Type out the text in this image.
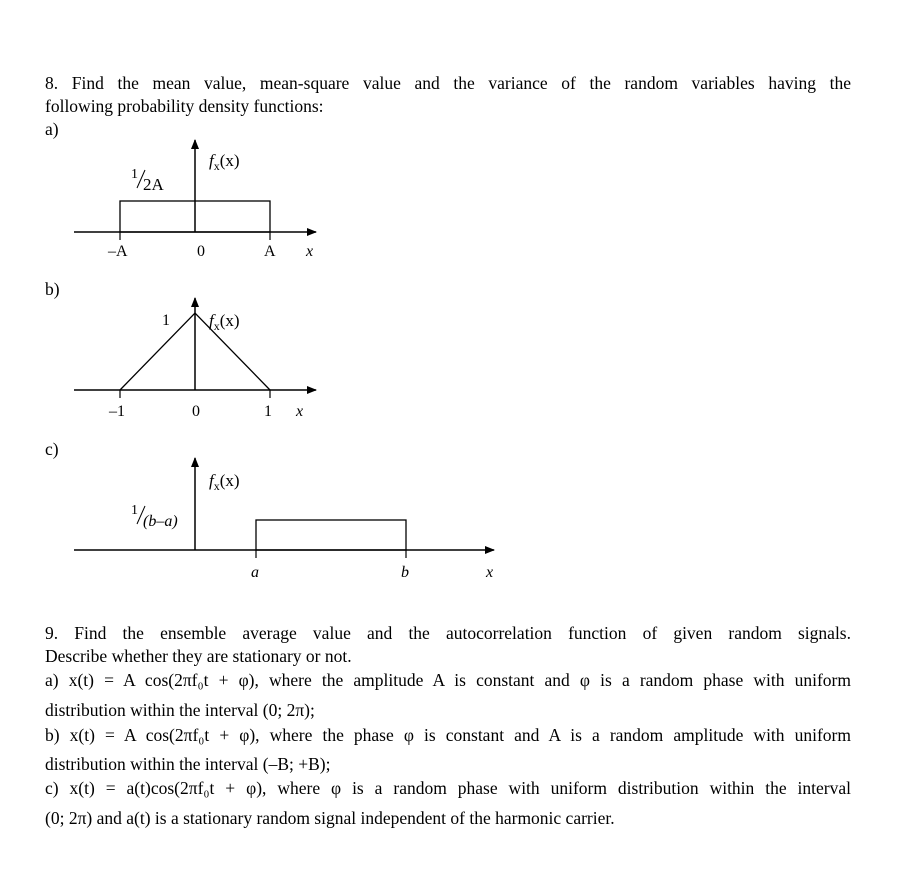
8. Find the mean value, mean-square value and the variance of the random variables having the
following probability density functions:
a)
b)
c)
1
2A
$f_x(x)$
–A	0	A x
1 $f_x(x)$
–1	0	1 x
1
(b–a)
$f_x(x)$
a	b	x
9. Find the ensemble average value and the autocorrelation function of given random signals.
Describe whether they are stationary or not.
a) x(t) = A cos(2πf₀t + φ), where the amplitude A is constant and φ is a random phase with uniform
distribution within the interval (0; 2π);
b) x(t) = A cos(2πf₀t + φ), where the phase φ is constant and A is a random amplitude with uniform
distribution within the interval (–B; +B);
c) x(t) = a(t)cos(2πf₀t + φ), where φ is a random phase with uniform distribution within the interval
(0; 2π) and a(t) is a stationary random signal independent of the harmonic carrier.
